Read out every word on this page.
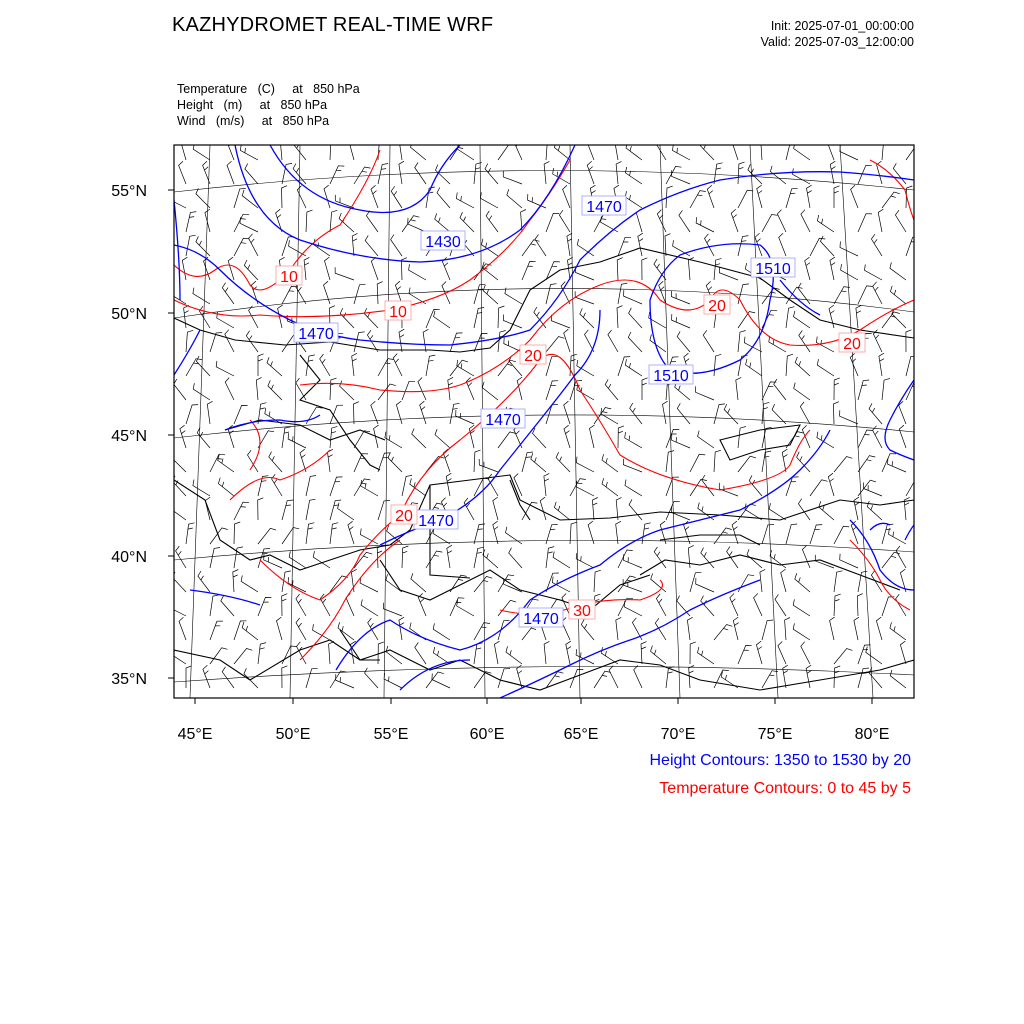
KAZHYDROMET REAL-TIME WRF	Init: 2025-07-01_00:00:00
Valid: 2025-07-03_12:00:00
Temperature   (C)     at   850 hPa
Height   (m)     at   850 hPa
Wind   (m/s)     at   850 hPa
55°N
50°N
45°N
40°N
35°N
45°E	50°E	55°E	60°E	65°E	70°E	75°E	80°E
1430
1470
1470
1470
1470
1470
1510
1510
10
10
20
20
20
20
30
Height Contours: 1350 to 1530 by 20
Temperature Contours: 0 to 45 by 5
